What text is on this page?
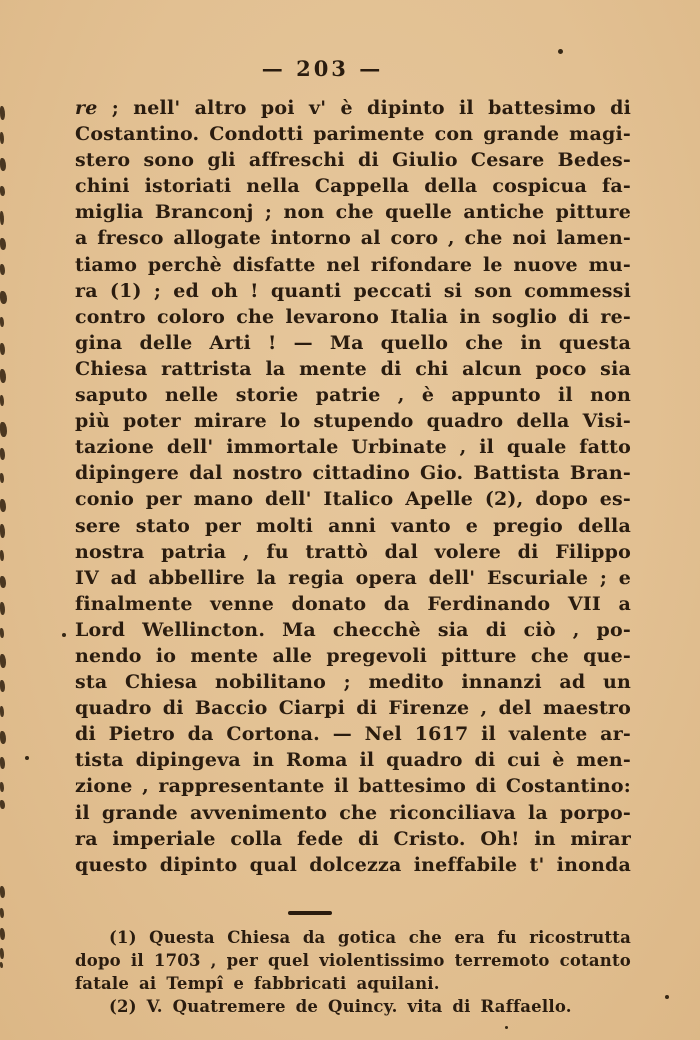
— 203 —
re ; nell' altro poi v' è dipinto il battesimo di
Costantino. Condotti parimente con grande magi-
stero sono gli affreschi di Giulio Cesare Bedes-
chini istoriati nella Cappella della cospicua fa-
miglia Branconj ; non che quelle antiche pitture
a fresco allogate intorno al coro , che noi lamen-
tiamo perchè disfatte nel rifondare le nuove mu-
ra (1) ; ed oh ! quanti peccati si son commessi
contro coloro che levarono Italia in soglio di re-
gina delle Arti ! — Ma quello che in questa
Chiesa rattrista la mente di chi alcun poco sia
saputo nelle storie patrie , è appunto il non
più poter mirare lo stupendo quadro della Visi-
tazione dell' immortale Urbinate , il quale fatto
dipingere dal nostro cittadino Gio. Battista Bran-
conio per mano dell' Italico Apelle (2), dopo es-
sere stato per molti anni vanto e pregio della
nostra patria , fu trattò dal volere di Filippo
IV ad abbellire la regia opera dell' Escuriale ; e
finalmente venne donato da Ferdinando VII a
Lord Wellincton. Ma checchè sia di ciò , po-
nendo io mente alle pregevoli pitture che que-
sta Chiesa nobilitano ; medito innanzi ad un
quadro di Baccio Ciarpi di Firenze , del maestro
di Pietro da Cortona. — Nel 1617 il valente ar-
tista dipingeva in Roma il quadro di cui è men-
zione , rappresentante il battesimo di Costantino:
il grande avvenimento che riconciliava la porpo-
ra imperiale colla fede di Cristo. Oh! in mirar
questo dipinto qual dolcezza ineffabile t' inonda
(1) Questa Chiesa da gotica che era fu ricostrutta
dopo il 1703 , per quel violentissimo terremoto cotanto
fatale ai Tempî e fabbricati aquilani.
(2) V. Quatremere de Quincy. vita di Raffaello.
